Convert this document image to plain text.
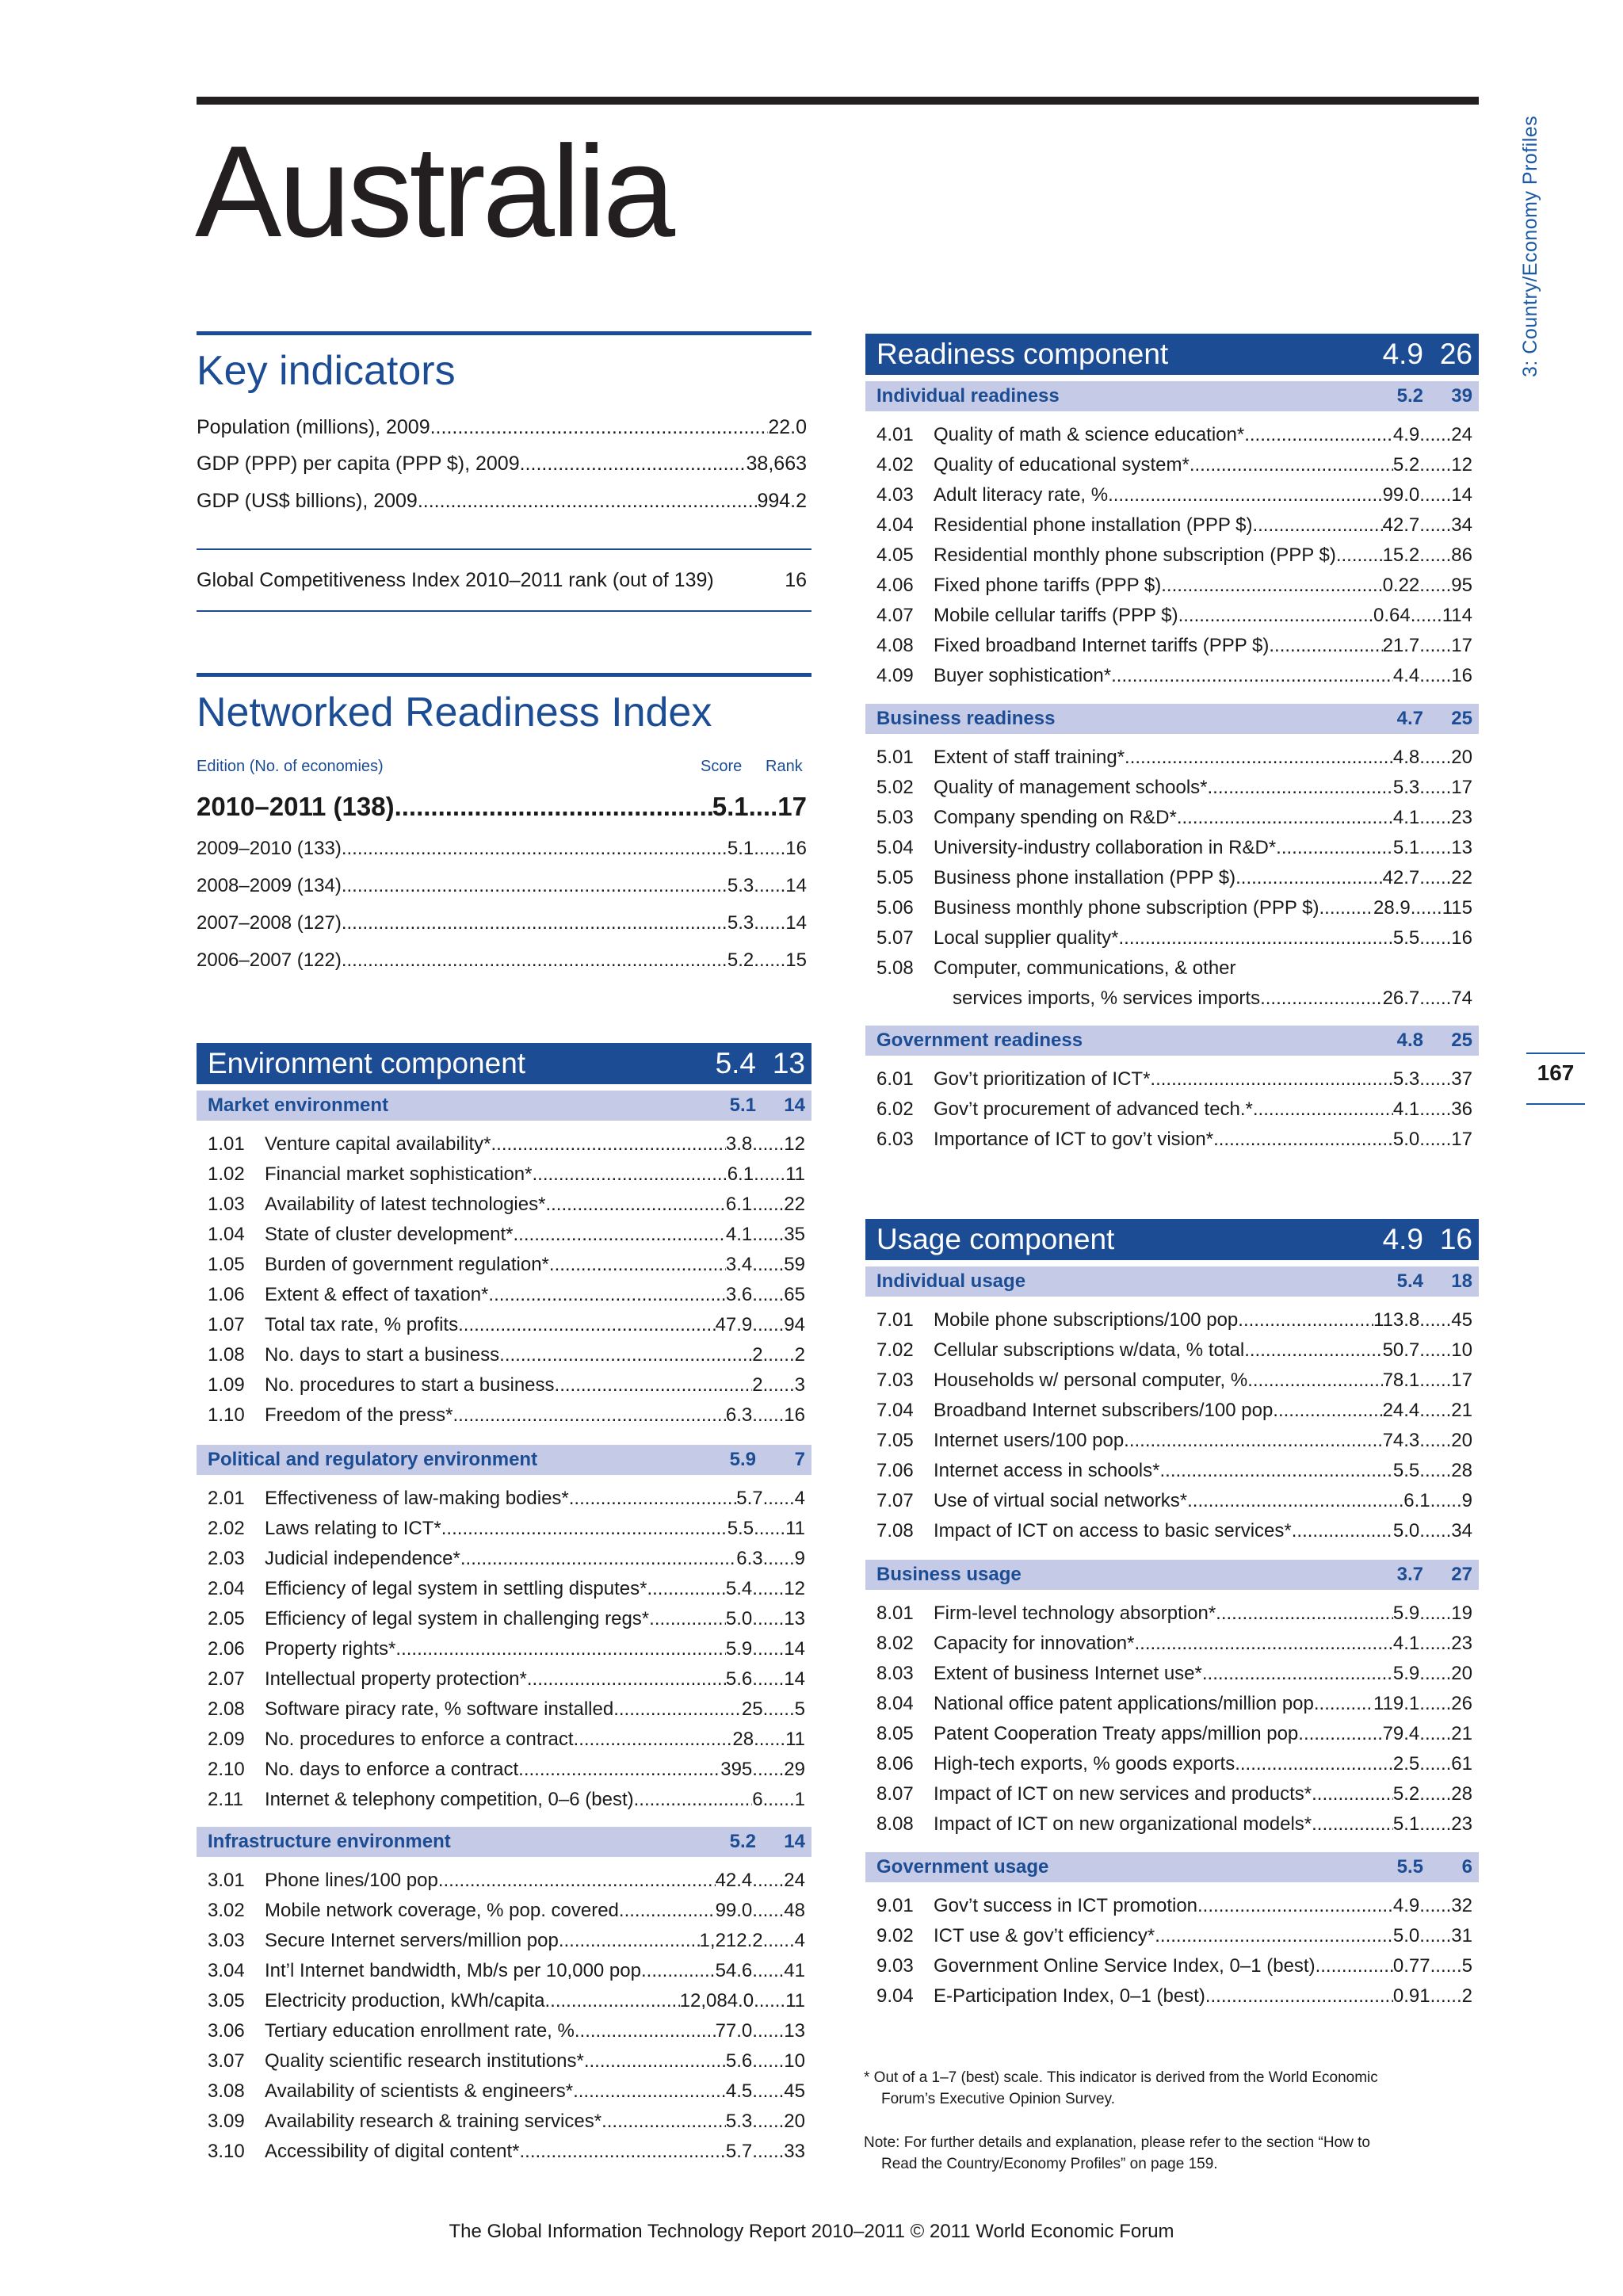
Australia	3: Country/Economy Profiles
167
Key indicators
Population (millions), 2009 .....	22.0
GDP (PPP) per capita (PPP $), 2009 .....	38,663
GDP (US$ billions), 2009 .....	994.2
Global Competitiveness Index 2010–2011 rank (out of 139)	16
Networked Readiness Index
Edition (No. of economies)	Score Rank
2010–2011 (138) .....	5.1 .... 17
2009–2010 (133) .....	5.1 ...... 16
2008–2009 (134) .....	5.3 ...... 14
2007–2008 (127) .....	5.3 ...... 14
2006–2007 (122) .....	5.2 ...... 15
Environment component	5.4 13
Market environment	5.1	14
1.01	Venture capital availability* .....	3.8 ...... 12
1.02	Financial market sophistication* .....	6.1 ...... 11
1.03	Availability of latest technologies* .....	6.1 ...... 22
1.04	State of cluster development* .....	4.1 ...... 35
1.05	Burden of government regulation* .....	3.4 ...... 59
1.06	Extent & effect of taxation* .....	3.6 ...... 65
1.07	Total tax rate, % profits .....	47.9 ...... 94
1.08	No. days to start a business .....	2 ...... 2
1.09	No. procedures to start a business .....	2 ...... 3
1.10	Freedom of the press* .....	6.3 ...... 16
Political and regulatory environment	5.9	7
2.01	Effectiveness of law-making bodies* .....	5.7 ...... 4
2.02	Laws relating to ICT* .....	5.5 ...... 11
2.03	Judicial independence* .....	6.3 ...... 9
2.04	Efficiency of legal system in settling disputes* .....	5.4 ...... 12
2.05	Efficiency of legal system in challenging regs* .....	5.0 ...... 13
2.06	Property rights* .....	5.9 ...... 14
2.07	Intellectual property protection* .....	5.6 ...... 14
2.08	Software piracy rate, % software installed .....	25 ...... 5
2.09	No. procedures to enforce a contract .....	28 ...... 11
2.10	No. days to enforce a contract .....	395 ...... 29
2.11	Internet & telephony competition, 0–6 (best) .....	6 ...... 1
Infrastructure environment	5.2	14
3.01	Phone lines/100 pop. .....	42.4 ...... 24
3.02	Mobile network coverage, % pop. covered .....	99.0 ...... 48
3.03	Secure Internet servers/million pop. .....	1,212.2 ...... 4
3.04	Int’l Internet bandwidth, Mb/s per 10,000 pop .....	54.6 ...... 41
3.05	Electricity production, kWh/capita .....	12,084.0 ...... 11
3.06	Tertiary education enrollment rate, % .....	77.0 ...... 13
3.07	Quality scientific research institutions* .....	5.6 ...... 10
3.08	Availability of scientists & engineers* .....	4.5 ...... 45
3.09	Availability research & training services* .....	5.3 ...... 20
3.10	Accessibility of digital content* .....	5.7 ...... 33
Readiness component	4.9 26
Individual readiness	5.2	39
4.01	Quality of math & science education* .....	4.9 ...... 24
4.02	Quality of educational system* .....	5.2 ...... 12
4.03	Adult literacy rate, % .....	99.0 ...... 14
4.04	Residential phone installation (PPP $) .....	42.7 ...... 34
4.05	Residential monthly phone subscription (PPP $) ..... 15.2 ...... 86
4.06	Fixed phone tariffs (PPP $) .....	0.22 ...... 95
4.07	Mobile cellular tariffs (PPP $) .....	0.64 ...... 114
4.08	Fixed broadband Internet tariffs (PPP $) .....	21.7 ...... 17
4.09	Buyer sophistication* .....	4.4 ...... 16
Business readiness	4.7	25
5.01	Extent of staff training* .....	4.8 ...... 20
5.02	Quality of management schools* .....	5.3 ...... 17
5.03	Company spending on R&D* .....	4.1 ...... 23
5.04	University-industry collaboration in R&D* .....	5.1 ...... 13
5.05	Business phone installation (PPP $) .....	42.7 ...... 22
5.06	Business monthly phone subscription (PPP $) .....	28.9 ...... 115
5.07	Local supplier quality* .....	5.5 ...... 16
5.08	Computer, communications, & other
services imports, % services imports .....	26.7 ...... 74
Government readiness	4.8	25
6.01	Gov’t prioritization of ICT* .....	5.3 ...... 37
6.02	Gov’t procurement of advanced tech.* .....	4.1 ...... 36
6.03	Importance of ICT to gov’t vision* .....	5.0 ...... 17
Usage component	4.9 16
Individual usage	5.4	18
7.01	Mobile phone subscriptions/100 pop. .....	113.8 ...... 45
7.02	Cellular subscriptions w/data, % total .....	50.7 ...... 10
7.03	Households w/ personal computer, % .....	78.1 ...... 17
7.04	Broadband Internet subscribers/100 pop. .....	24.4 ...... 21
7.05	Internet users/100 pop. .....	74.3 ...... 20
7.06	Internet access in schools* .....	5.5 ...... 28
7.07	Use of virtual social networks* .....	6.1 ...... 9
7.08	Impact of ICT on access to basic services* .....	5.0 ...... 34
Business usage	3.7	27
8.01	Firm-level technology absorption* .....	5.9 ...... 19
8.02	Capacity for innovation* .....	4.1 ...... 23
8.03	Extent of business Internet use* .....	5.9 ...... 20
8.04	National office patent applications/million pop .....	119.1 ...... 26
8.05	Patent Cooperation Treaty apps/million pop .....	79.4 ...... 21
8.06	High-tech exports, % goods exports .....	2.5 ...... 61
8.07	Impact of ICT on new services and products* .....	5.2 ...... 28
8.08	Impact of ICT on new organizational models* .....	5.1 ...... 23
Government usage	5.5	6
9.01	Gov’t success in ICT promotion .....	4.9 ...... 32
9.02	ICT use & gov’t efficiency* .....	5.0 ...... 31
9.03	Government Online Service Index, 0–1 (best) .....	0.77 ...... 5
9.04	E-Participation Index, 0–1 (best) .....	0.91 ...... 2
* Out of a 1–7 (best) scale. This indicator is derived from the World Economic
Forum’s Executive Opinion Survey.
Note: For further details and explanation, please refer to the section “How to
Read the Country/Economy Profiles” on page 159.
The Global Information Technology Report 2010–2011 © 2011 World Economic Forum
